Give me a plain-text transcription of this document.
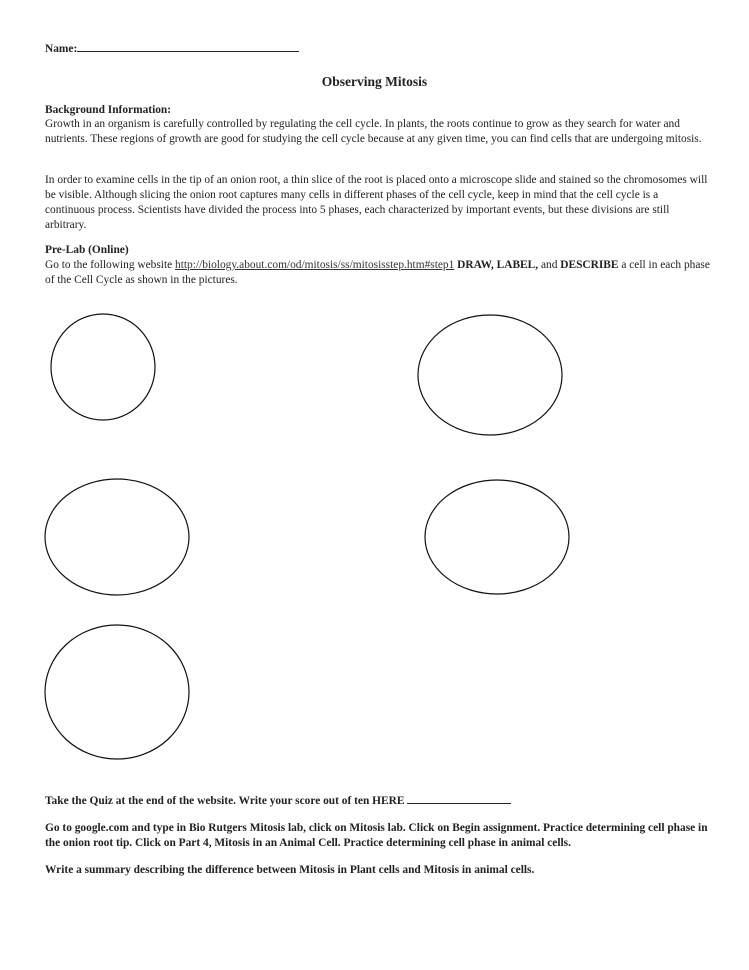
Name:
Observing Mitosis
Background Information:
Growth in an organism is carefully controlled by regulating the cell cycle. In plants, the roots continue to grow as they search for water and nutrients. These regions of growth are good for studying the cell cycle because at any given time, you can find cells that are undergoing mitosis.
In order to examine cells in the tip of an onion root, a thin slice of the root is placed onto a microscope slide and stained so the chromosomes will be visible. Although slicing the onion root captures many cells in different phases of the cell cycle, keep in mind that the cell cycle is a continuous process. Scientists have divided the process into 5 phases, each characterized by important events, but these divisions are still arbitrary.
Pre-Lab (Online)
Go to the following website http://biology.about.com/od/mitosis/ss/mitosisstep.htm#step1 DRAW, LABEL, and DESCRIBE a cell in each phase of the Cell Cycle as shown in the pictures.
Take the Quiz at the end of the website. Write your score out of ten HERE
Go to google.com and type in Bio Rutgers Mitosis lab, click on Mitosis lab. Click on Begin assignment. Practice determining cell phase in the onion root tip. Click on Part 4, Mitosis in an Animal Cell. Practice determining cell phase in animal cells.
Write a summary describing the difference between Mitosis in Plant cells and Mitosis in animal cells.
